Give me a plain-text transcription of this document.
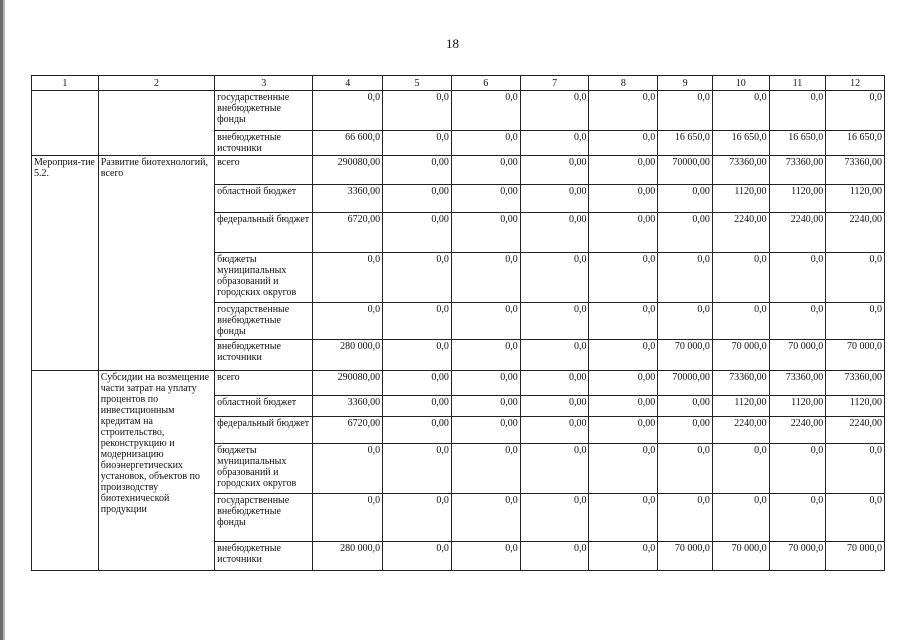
18
1	2	3	4	5	6	7	8	9	10	11	12
		государственные внебюджетные фонды	0,0	0,0	0,0	0,0	0,0	0,0	0,0	0,0	0,0
		внебюджетные источники	66 600,0	0,0	0,0	0,0	0,0	16 650,0	16 650,0	16 650,0	16 650,0
Мероприя-тие 5.2.	Развитие биотехнологий, всего	всего	290080,00	0,00	0,00	0,00	0,00	70000,00	73360,00	73360,00	73360,00
		областной бюджет	3360,00	0,00	0,00	0,00	0,00	0,00	1120,00	1120,00	1120,00
		федеральный бюджет	6720,00	0,00	0,00	0,00	0,00	0,00	2240,00	2240,00	2240,00
		бюджеты муниципальных образований и городских округов	0,0	0,0	0,0	0,0	0,0	0,0	0,0	0,0	0,0
		государственные внебюджетные фонды	0,0	0,0	0,0	0,0	0,0	0,0	0,0	0,0	0,0
		внебюджетные источники	280 000,0	0,0	0,0	0,0	0,0	70 000,0	70 000,0	70 000,0	70 000,0
	Субсидии на возмещение части затрат на уплату процентов по инвестиционным кредитам на строительство, реконструкцию и модернизацию биоэнергетических установок, объектов по производству биотехнической продукции	всего	290080,00	0,00	0,00	0,00	0,00	70000,00	73360,00	73360,00	73360,00
		областной бюджет	3360,00	0,00	0,00	0,00	0,00	0,00	1120,00	1120,00	1120,00
		федеральный бюджет	6720,00	0,00	0,00	0,00	0,00	0,00	2240,00	2240,00	2240,00
		бюджеты муниципальных образований и городских округов	0,0	0,0	0,0	0,0	0,0	0,0	0,0	0,0	0,0
		государственные внебюджетные фонды	0,0	0,0	0,0	0,0	0,0	0,0	0,0	0,0	0,0
		внебюджетные источники	280 000,0	0,0	0,0	0,0	0,0	70 000,0	70 000,0	70 000,0	70 000,0
